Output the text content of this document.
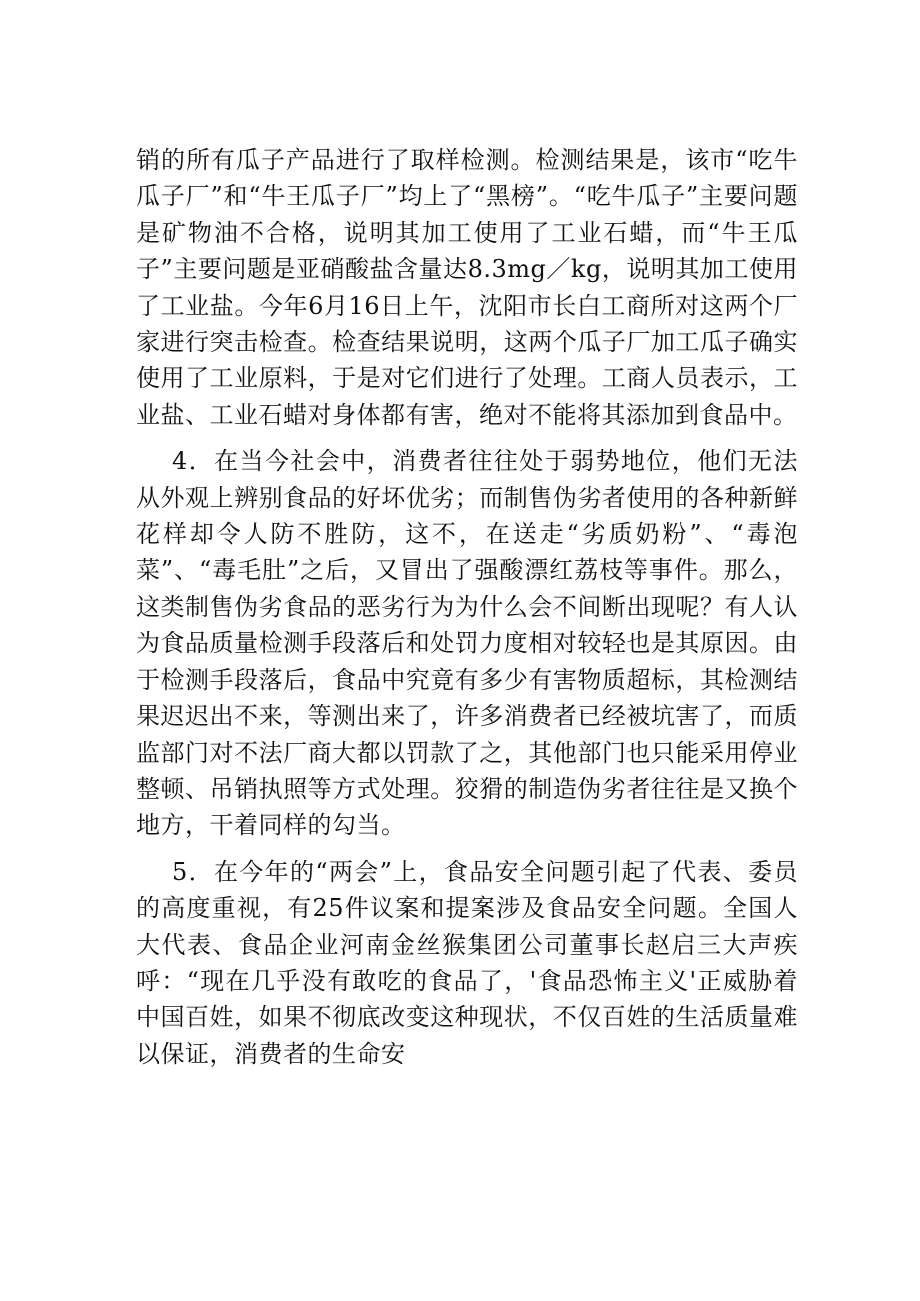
销的所有瓜子产品进行了取样检测。检测结果是，该市“吃牛瓜子厂”和“牛王瓜子厂”均上了“黑榜”。“吃牛瓜子”主要问题是矿物油不合格，说明其加工使用了工业石蜡，而“牛王瓜子”主要问题是亚硝酸盐含量达8.3mg／kg，说明其加工使用了工业盐。今年6月16日上午，沈阳市长白工商所对这两个厂家进行突击检查。检查结果说明，这两个瓜子厂加工瓜子确实使用了工业原料，于是对它们进行了处理。工商人员表示，工业盐、工业石蜡对身体都有害，绝对不能将其添加到食品中。

4．在当今社会中，消费者往往处于弱势地位，他们无法从外观上辨别食品的好坏优劣；而制售伪劣者使用的各种新鲜花样却令人防不胜防，这不，在送走“劣质奶粉”、“毒泡菜”、“毒毛肚”之后，又冒出了强酸漂红荔枝等事件。那么，这类制售伪劣食品的恶劣行为为什么会不间断出现呢？有人认为食品质量检测手段落后和处罚力度相对较轻也是其原因。由于检测手段落后，食品中究竟有多少有害物质超标，其检测结果迟迟出不来，等测出来了，许多消费者已经被坑害了，而质监部门对不法厂商大都以罚款了之，其他部门也只能采用停业整顿、吊销执照等方式处理。狡猾的制造伪劣者往往是又换个地方，干着同样的勾当。

5．在今年的“两会”上，食品安全问题引起了代表、委员的高度重视，有25件议案和提案涉及食品安全问题。全国人大代表、食品企业河南金丝猴集团公司董事长赵启三大声疾呼：“现在几乎没有敢吃的食品了，'食品恐怖主义'正威胁着中国百姓，如果不彻底改变这种现状，不仅百姓的生活质量难以保证，消费者的生命安
